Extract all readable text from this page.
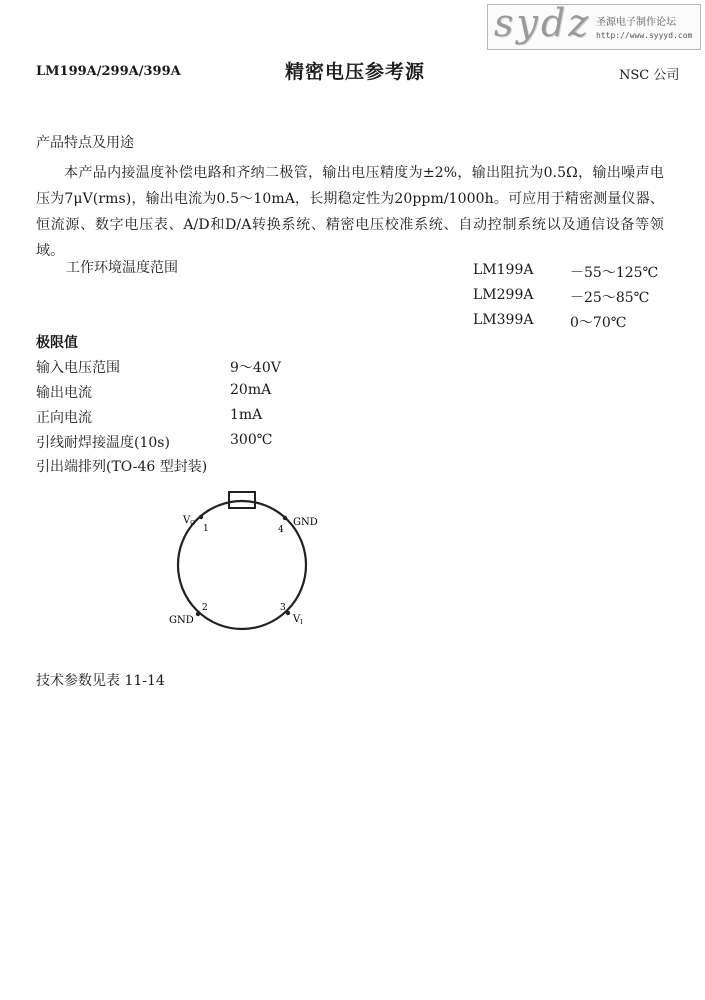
sydz 圣源电子制作论坛
http://www.syyyd.com
LM199A/299A/399A	精密电压参考源	NSC 公司
产品特点及用途
本产品内接温度补偿电路和齐纳二极管，输出电压精度为±2%，输出阻抗为0.5Ω，输出噪声电压为7μV(rms)，输出电流为0.5～10mA，长期稳定性为20ppm/1000h。可应用于精密测量仪器、恒流源、数字电压表、A/D和D/A转换系统、精密电压校准系统、自动控制系统以及通信设备等领域。
工作环境温度范围	LM199A	－55～125℃
LM299A	－25～85℃
LM399A	0～70℃
极限值
输入电压范围	9～40V
输出电流	20mA
正向电流	1mA
引线耐焊接温度(10s)	300℃
引出端排列(TO-46 型封装)
$V_O$
1
GND
2	3
$V_I$
GND
4
技术参数见表 11-14
